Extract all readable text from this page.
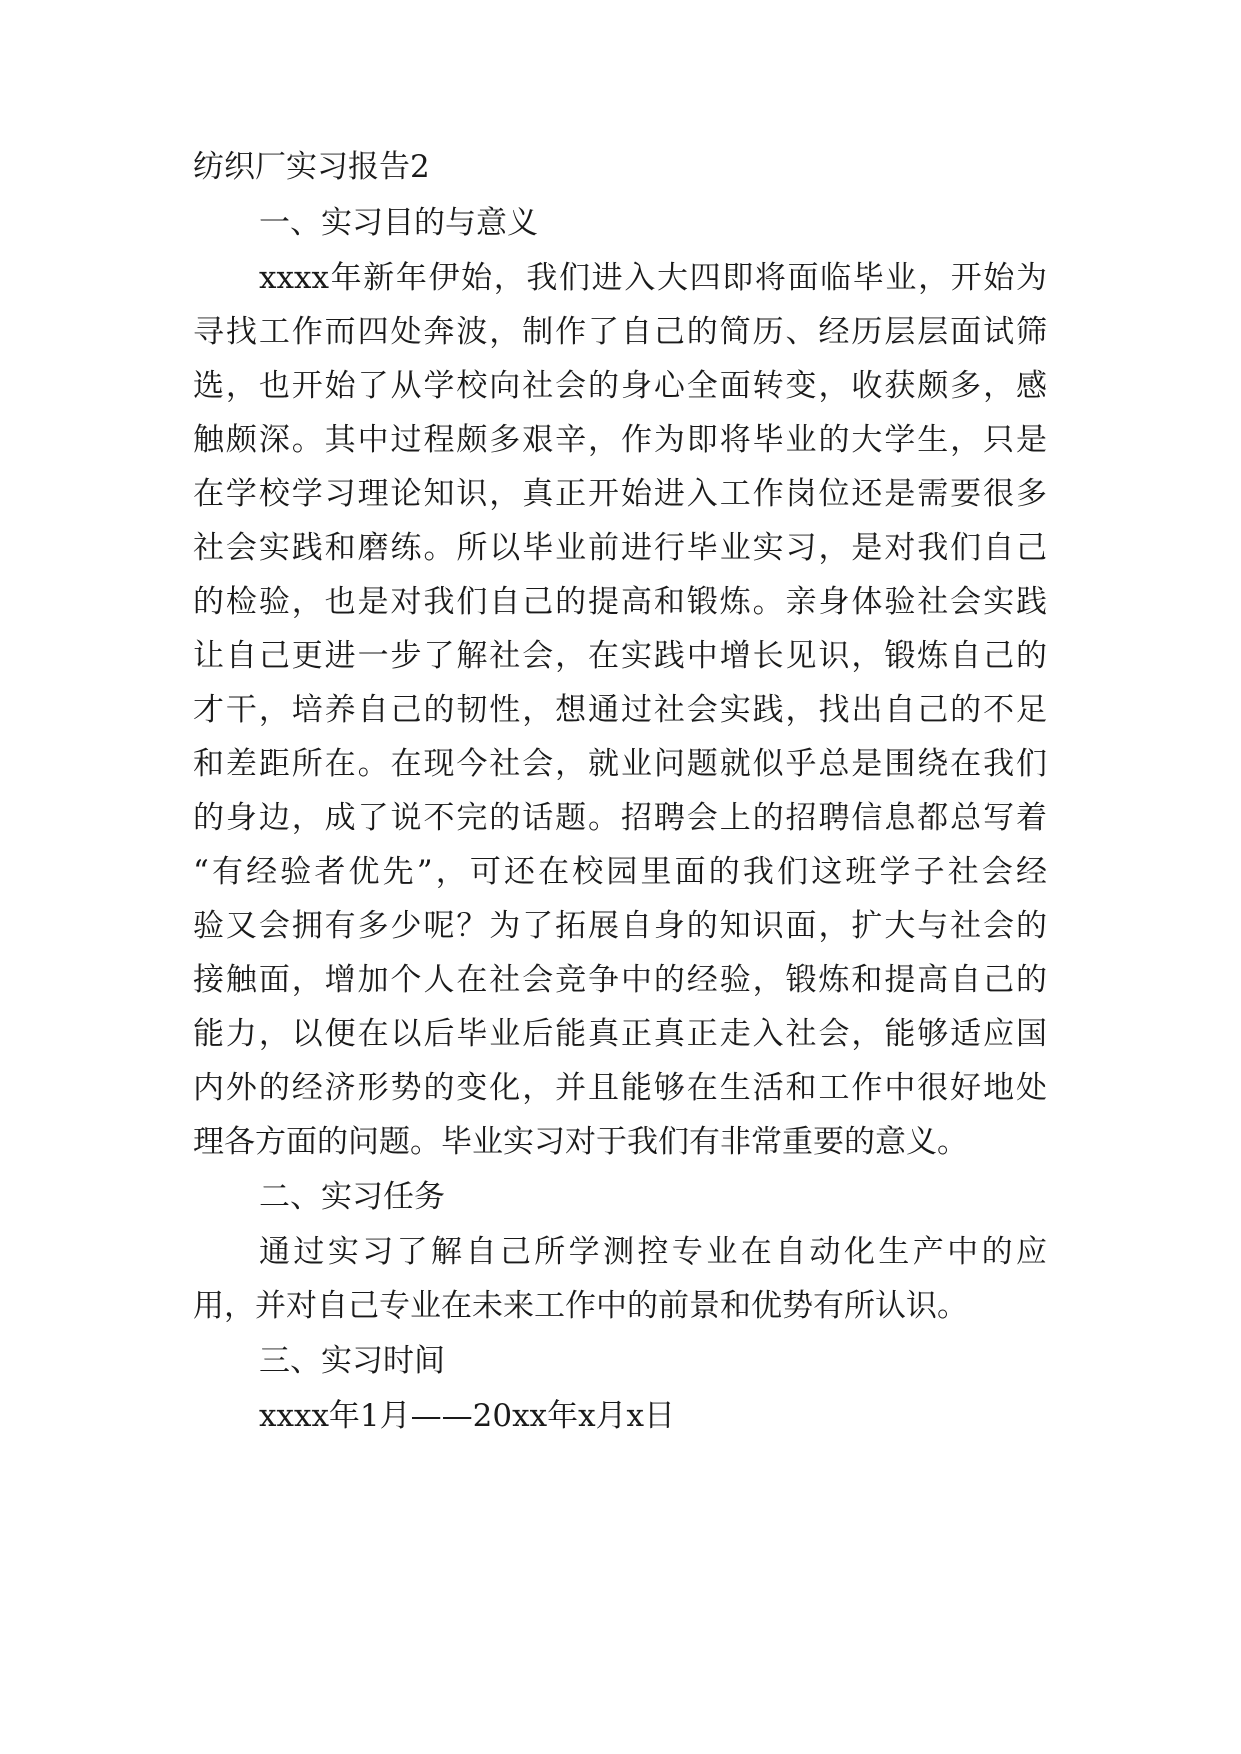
纺织厂实习报告2
一、实习目的与意义
xxxx年新年伊始，我们进入大四即将面临毕业，开始为
寻找工作而四处奔波，制作了自己的简历、经历层层面试筛
选，也开始了从学校向社会的身心全面转变，收获颇多，感
触颇深。其中过程颇多艰辛，作为即将毕业的大学生，只是
在学校学习理论知识，真正开始进入工作岗位还是需要很多
社会实践和磨练。所以毕业前进行毕业实习，是对我们自己
的检验，也是对我们自己的提高和锻炼。亲身体验社会实践
让自己更进一步了解社会，在实践中增长见识，锻炼自己的
才干，培养自己的韧性，想通过社会实践，找出自己的不足
和差距所在。在现今社会，就业问题就似乎总是围绕在我们
的身边，成了说不完的话题。招聘会上的招聘信息都总写着
“有经验者优先”，可还在校园里面的我们这班学子社会经
验又会拥有多少呢？为了拓展自身的知识面，扩大与社会的
接触面，增加个人在社会竞争中的经验，锻炼和提高自己的
能力，以便在以后毕业后能真正真正走入社会，能够适应国
内外的经济形势的变化，并且能够在生活和工作中很好地处
理各方面的问题。毕业实习对于我们有非常重要的意义。
二、实习任务
通过实习了解自己所学测控专业在自动化生产中的应
用，并对自己专业在未来工作中的前景和优势有所认识。
三、实习时间
xxxx年1月——20xx年x月x日
